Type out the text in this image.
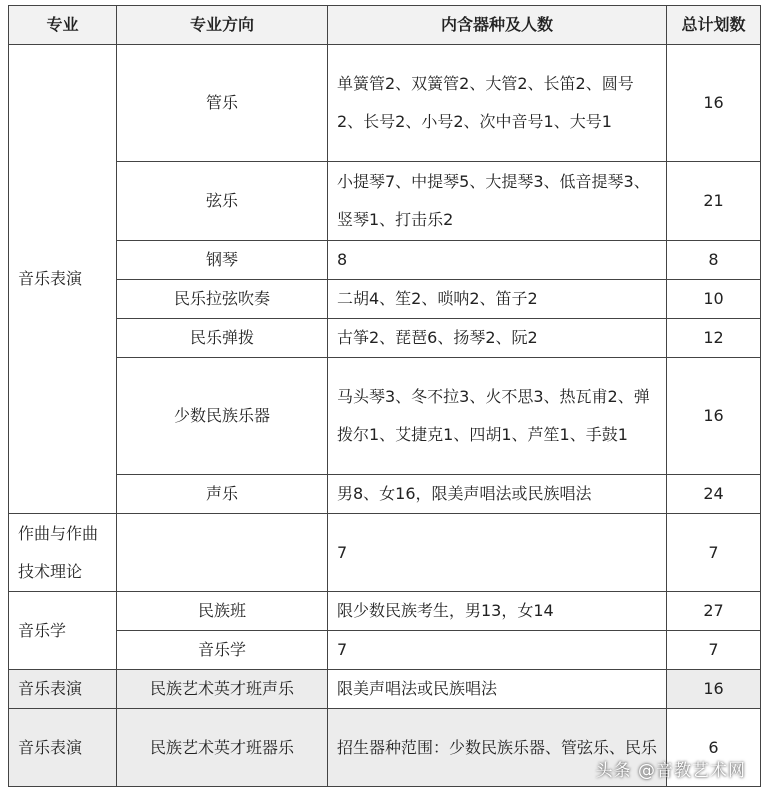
专业	专业方向	内含器种及人数	总计划数
音乐表演	管乐	单簧管2、双簧管2、大管2、长笛2、圆号2、长号2、小号2、次中音号1、大号1	16
	弦乐	小提琴7、中提琴5、大提琴3、低音提琴3、竖琴1、打击乐2	21
	钢琴	8	8
	民乐拉弦吹奏	二胡4、笙2、唢呐2、笛子2	10
	民乐弹拨	古筝2、琵琶6、扬琴2、阮2	12
	少数民族乐器	马头琴3、冬不拉3、火不思3、热瓦甫2、弹拨尔1、艾捷克1、四胡1、芦笙1、手鼓1	16
	声乐	男8、女16，限美声唱法或民族唱法	24
作曲与作曲技术理论		7	7
音乐学	民族班	限少数民族考生，男13，女14	27
	音乐学	7	7
音乐表演	民族艺术英才班声乐	限美声唱法或民族唱法	16
音乐表演	民族艺术英才班器乐	招生器种范围：少数民族乐器、管弦乐、民乐	6
头条 @音教艺术网
